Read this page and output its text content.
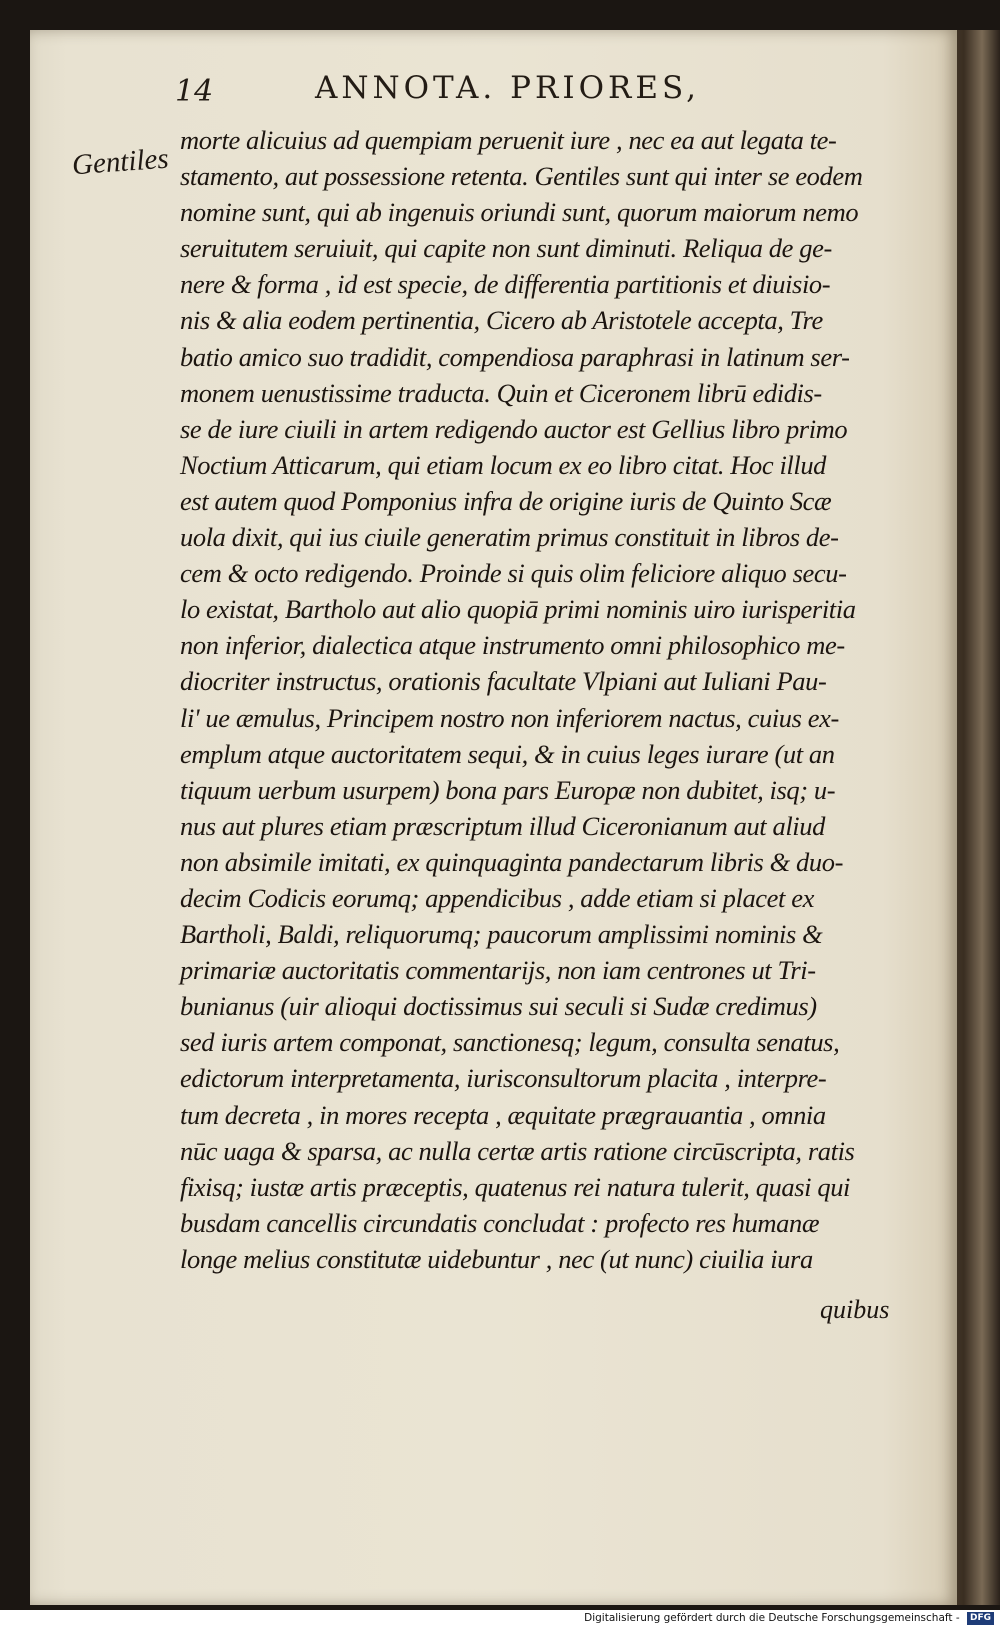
14	ANNOTA. PRIORES,
Gentiles
morte alicuius ad quempiam peruenit iure , nec ea aut legata te-
stamento, aut possessione retenta. Gentiles sunt qui inter se eodem
nomine sunt, qui ab ingenuis oriundi sunt, quorum maiorum nemo
seruitutem seruiuit, qui capite non sunt diminuti. Reliqua de ge-
nere & forma , id est specie, de differentia partitionis et diuisio-
nis & alia eodem pertinentia, Cicero ab Aristotele accepta, Tre
batio amico suo tradidit, compendiosa paraphrasi in latinum ser-
monem uenustissime traducta. Quin et Ciceronem librū edidis-
se de iure ciuili in artem redigendo auctor est Gellius libro primo
Noctium Atticarum, qui etiam locum ex eo libro citat. Hoc illud
est autem quod Pomponius infra de origine iuris de Quinto Scæ
uola dixit, qui ius ciuile generatim primus constituit in libros de-
cem & octo redigendo. Proinde si quis olim feliciore aliquo secu-
lo existat, Bartholo aut alio quopiā primi nominis uiro iurisperitia
non inferior, dialectica atque instrumento omni philosophico me-
diocriter instructus, orationis facultate Vlpiani aut Iuliani Pau-
li' ue æmulus, Principem nostro non inferiorem nactus, cuius ex-
emplum atque auctoritatem sequi, & in cuius leges iurare (ut an
tiquum uerbum usurpem) bona pars Europæ non dubitet, isq; u-
nus aut plures etiam præscriptum illud Ciceronianum aut aliud
non absimile imitati, ex quinquaginta pandectarum libris & duo-
decim Codicis eorumq; appendicibus , adde etiam si placet ex
Bartholi, Baldi, reliquorumq; paucorum amplissimi nominis &
primariæ auctoritatis commentarijs, non iam centrones ut Tri-
bunianus (uir alioqui doctissimus sui seculi si Sudæ credimus)
sed iuris artem componat, sanctionesq; legum, consulta senatus,
edictorum interpretamenta, iurisconsultorum placita , interpre-
tum decreta , in mores recepta , æquitate prægrauantia , omnia
nūc uaga & sparsa, ac nulla certæ artis ratione circūscripta, ratis
fixisq; iustæ artis præceptis, quatenus rei natura tulerit, quasi qui
busdam cancellis circundatis concludat : profecto res humanæ
longe melius constitutæ uidebuntur , nec (ut nunc) ciuilia iura
quibus
Digitalisierung gefördert durch die Deutsche Forschungsgemeinschaft - DFG
